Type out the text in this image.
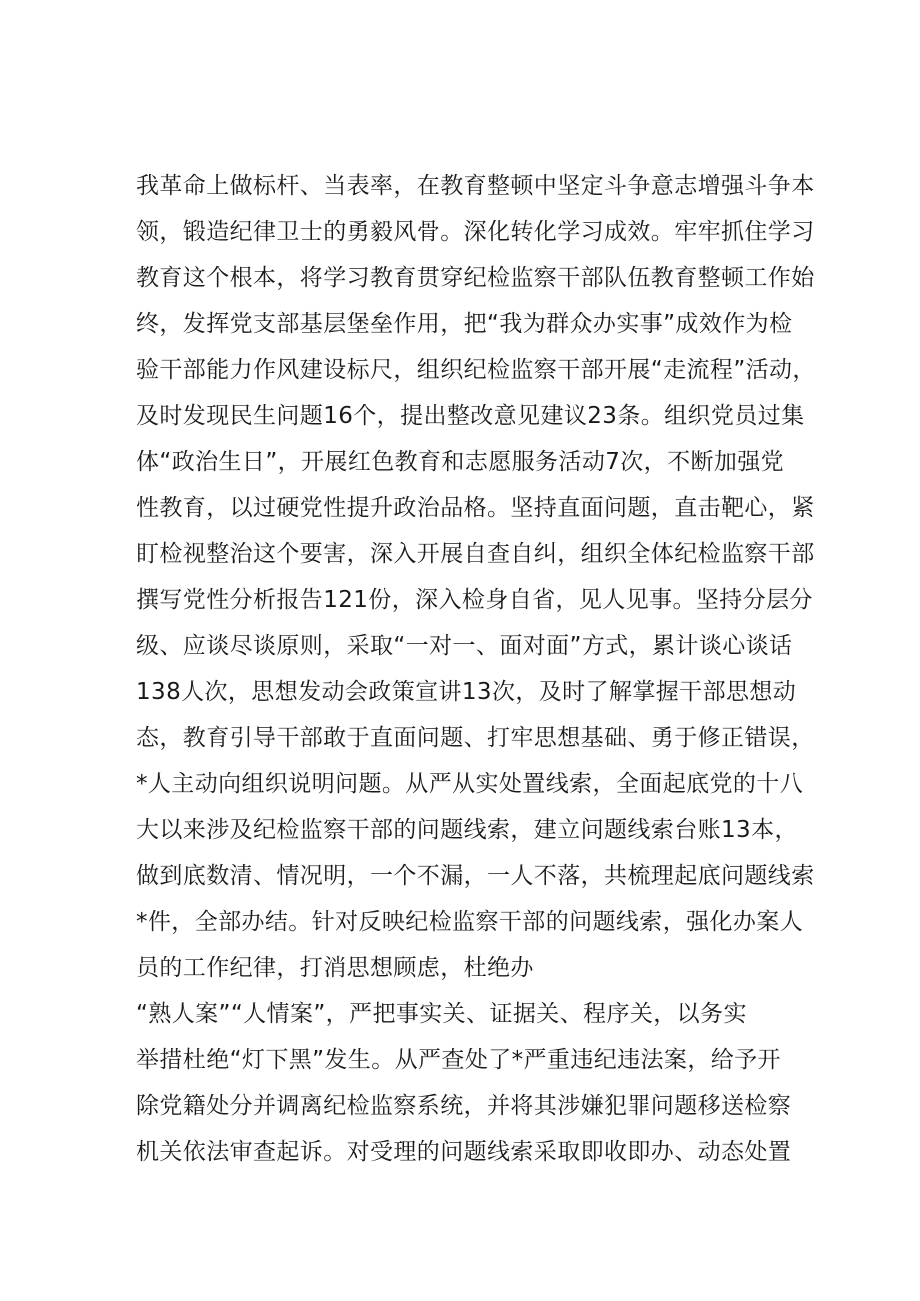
我革命上做标杆、当表率，在教育整顿中坚定斗争意志增强斗争本
领，锻造纪律卫士的勇毅风骨。深化转化学习成效。牢牢抓住学习
教育这个根本，将学习教育贯穿纪检监察干部队伍教育整顿工作始
终，发挥党支部基层堡垒作用，把“我为群众办实事”成效作为检
验干部能力作风建设标尺，组织纪检监察干部开展“走流程”活动，
及时发现民生问题16个，提出整改意见建议23条。组织党员过集
体“政治生日”，开展红色教育和志愿服务活动7次，不断加强党
性教育，以过硬党性提升政治品格。坚持直面问题，直击靶心，紧
盯检视整治这个要害，深入开展自查自纠，组织全体纪检监察干部
撰写党性分析报告121份，深入检身自省，见人见事。坚持分层分
级、应谈尽谈原则，采取“一对一、面对面”方式，累计谈心谈话
138人次，思想发动会政策宣讲13次，及时了解掌握干部思想动
态，教育引导干部敢于直面问题、打牢思想基础、勇于修正错误，
*人主动向组织说明问题。从严从实处置线索，全面起底党的十八
大以来涉及纪检监察干部的问题线索，建立问题线索台账13本，
做到底数清、情况明，一个不漏，一人不落，共梳理起底问题线索
*件，全部办结。针对反映纪检监察干部的问题线索，强化办案人
员的工作纪律，打消思想顾虑，杜绝办
“熟人案”“人情案”，严把事实关、证据关、程序关，以务实
举措杜绝“灯下黑”发生。从严查处了*严重违纪违法案，给予开
除党籍处分并调离纪检监察系统，并将其涉嫌犯罪问题移送检察
机关依法审查起诉。对受理的问题线索采取即收即办、动态处置
